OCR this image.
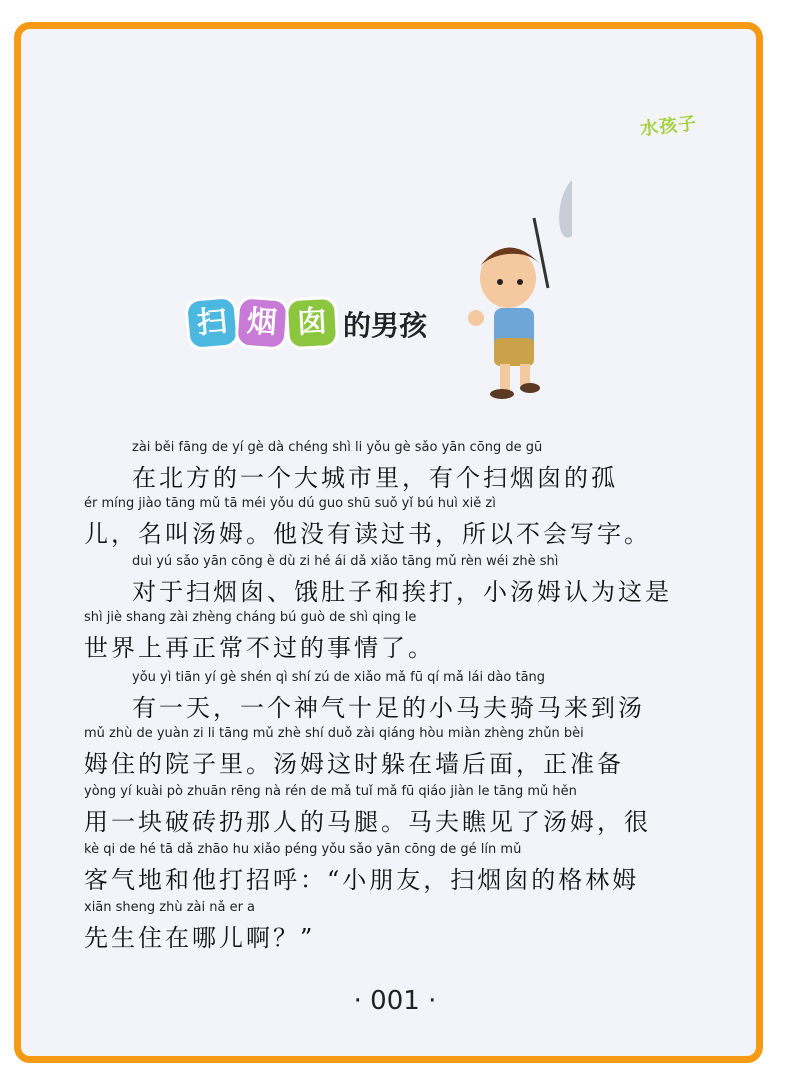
水孩子
扫 烟 囱 的男孩
zài běi fāng de yí gè dà chéng shì li yǒu gè sǎo yān cōng de gū
在北方的一个大城市里，有个扫烟囱的孤
ér míng jiào tāng mǔ tā méi yǒu dú guo shū suǒ yǐ bú huì xiě zì
儿，名叫汤姆。他没有读过书，所以不会写字。
duì yú sǎo yān cōng è dù zi hé ái dǎ xiǎo tāng mǔ rèn wéi zhè shì
对于扫烟囱、饿肚子和挨打，小汤姆认为这是
shì jiè shang zài zhèng cháng bú guò de shì qing le
世界上再正常不过的事情了。
yǒu yì tiān yí gè shén qì shí zú de xiǎo mǎ fū qí mǎ lái dào tāng
有一天，一个神气十足的小马夫骑马来到汤
mǔ zhù de yuàn zi li tāng mǔ zhè shí duǒ zài qiáng hòu miàn zhèng zhǔn bèi
姆住的院子里。汤姆这时躲在墙后面，正准备
yòng yí kuài pò zhuān rēng nà rén de mǎ tuǐ mǎ fū qiáo jiàn le tāng mǔ hěn
用一块破砖扔那人的马腿。马夫瞧见了汤姆，很
kè qi de hé tā dǎ zhāo hu xiǎo péng yǒu sǎo yān cōng de gé lín mǔ
客气地和他打招呼：“小朋友，扫烟囱的格林姆
xiān sheng zhù zài nǎ er a
先生住在哪儿啊？”
· 001 ·
